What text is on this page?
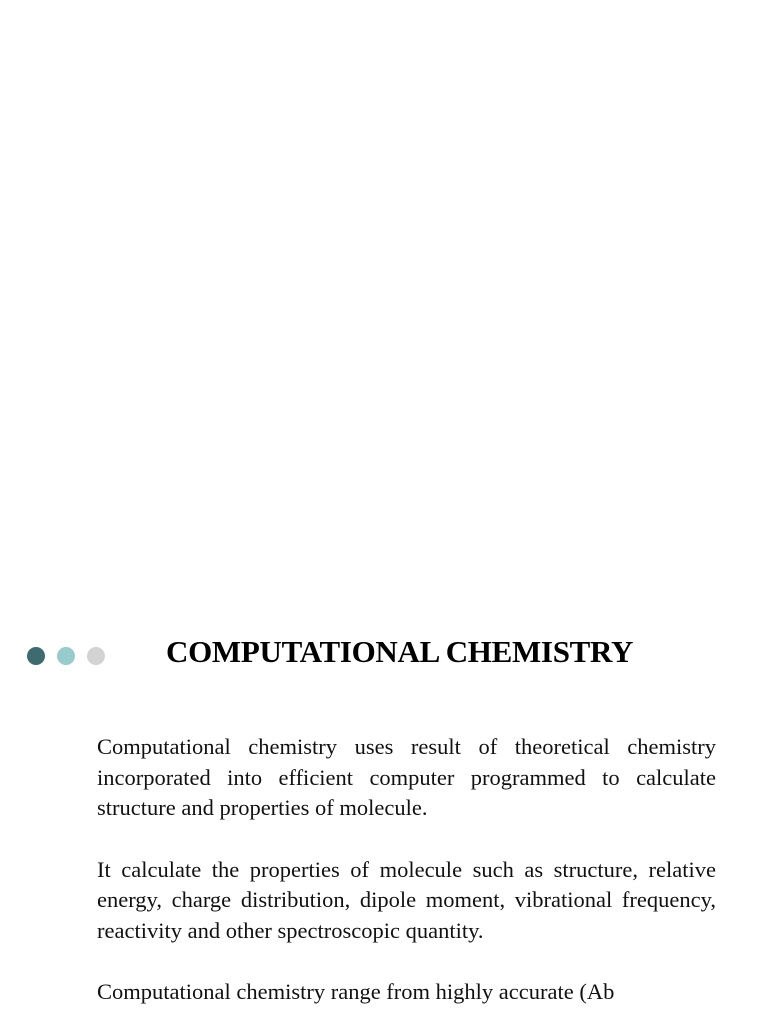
COMPUTATIONAL CHEMISTRY

Computational chemistry uses result of theoretical chemistry incorporated into efficient computer programmed to calculate structure and properties of molecule.

It calculate the properties of molecule such as structure, relative energy, charge distribution, dipole moment, vibrational frequency, reactivity and other spectroscopic quantity.

Computational chemistry range from highly accurate (Ab
